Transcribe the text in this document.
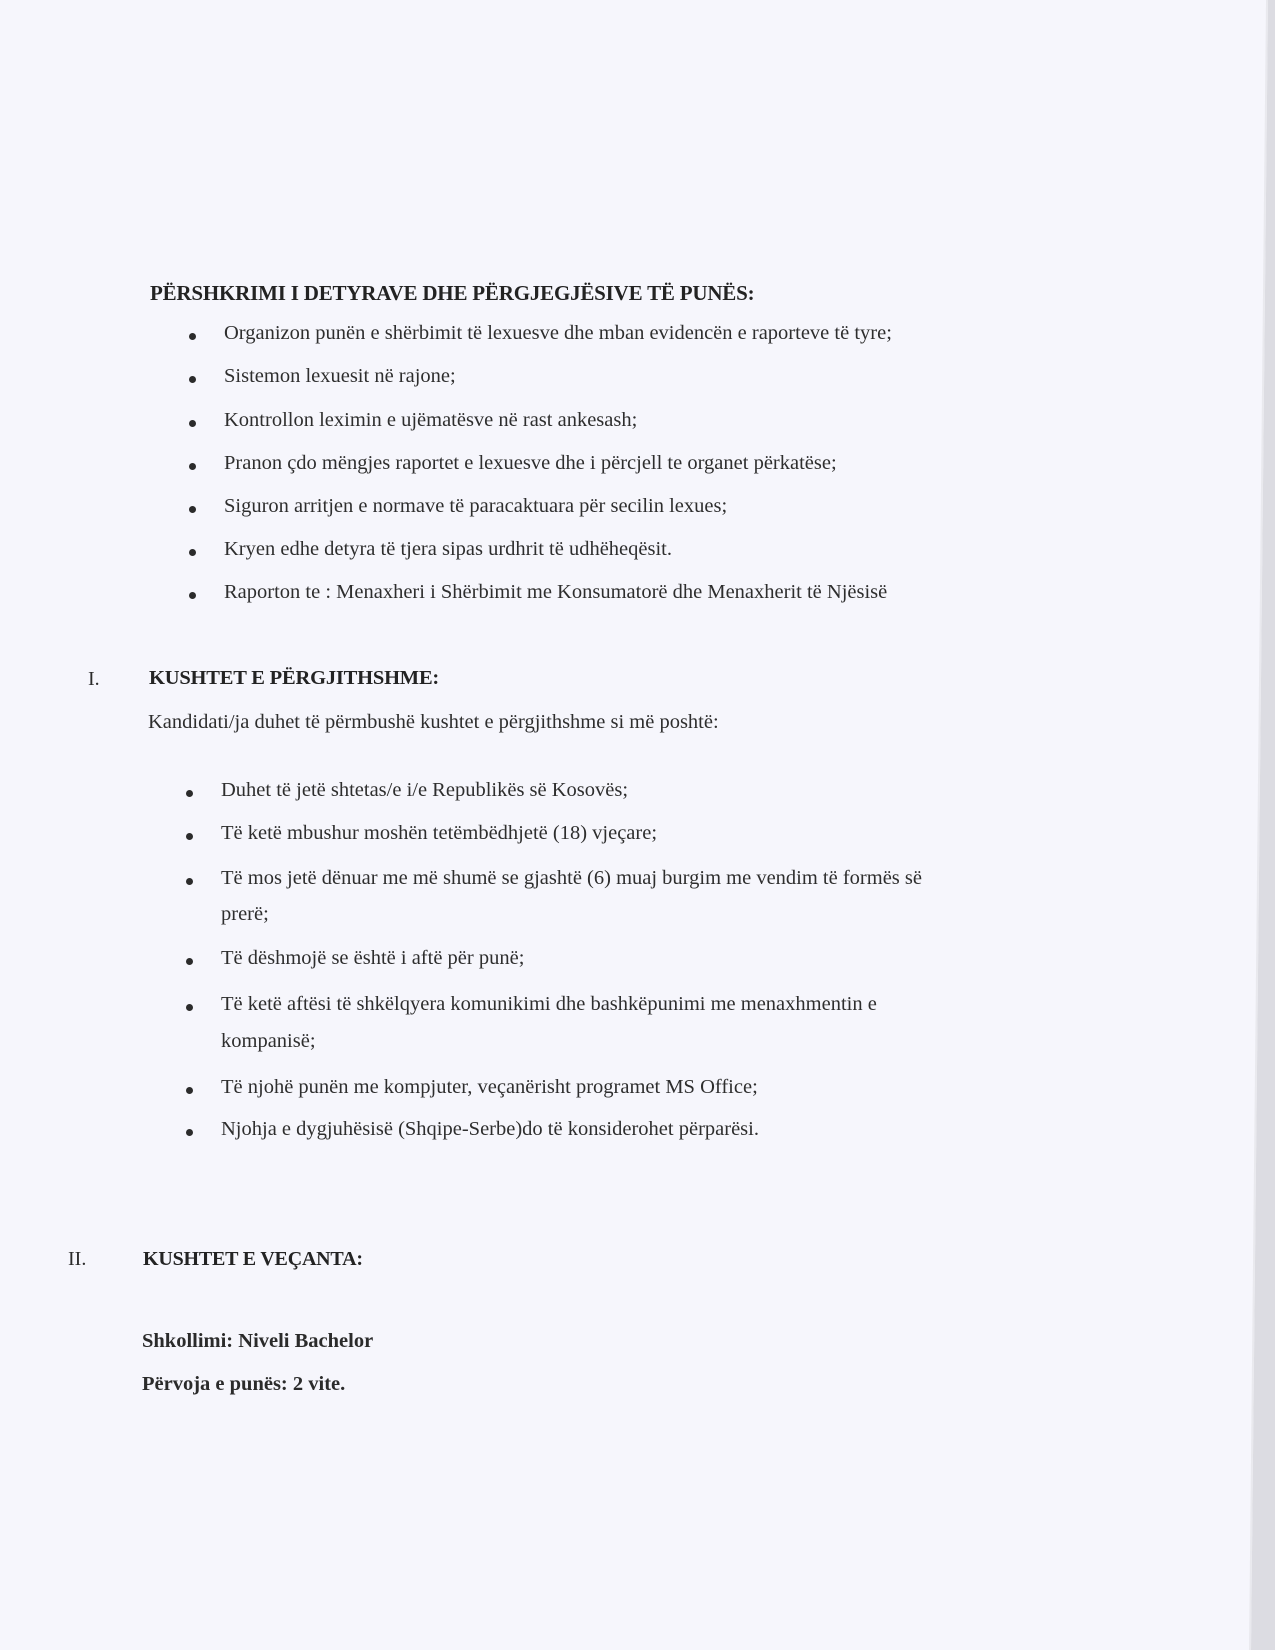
PËRSHKRIMI I DETYRAVE DHE PËRGJEGJËSIVE TË PUNËS:
Organizon punën e shërbimit të lexuesve dhe mban evidencën e raporteve të tyre;
Sistemon lexuesit në rajone;
Kontrollon leximin e ujëmatësve në rast ankesash;
Pranon çdo mëngjes raportet e lexuesve dhe i përcjell te organet përkatëse;
Siguron arritjen e normave të paracaktuara për secilin lexues;
Kryen edhe detyra të tjera sipas urdhrit të udhëheqësit.
Raporton te : Menaxheri i Shërbimit me Konsumatorë dhe Menaxherit të Njësisë
I. KUSHTET E PËRGJITHSHME:
Kandidati/ja duhet të përmbushë kushtet e përgjithshme si më poshtë:
Duhet të jetë shtetas/e i/e Republikës së Kosovës;
Të ketë mbushur moshën tetëmbëdhjetë (18) vjeçare;
Të mos jetë dënuar me më shumë se gjashtë (6) muaj burgim me vendim të formës së
prerë;
Të dëshmojë se është i aftë për punë;
Të ketë aftësi të shkëlqyera komunikimi dhe bashkëpunimi me menaxhmentin e
kompanisë;
Të njohë punën me kompjuter, veçanërisht programet MS Office;
Njohja e dygjuhësisë (Shqipe-Serbe)do të konsiderohet përparësi.
II.	KUSHTET E VEÇANTA:
Shkollimi: Niveli Bachelor
Përvoja e punës: 2 vite.
